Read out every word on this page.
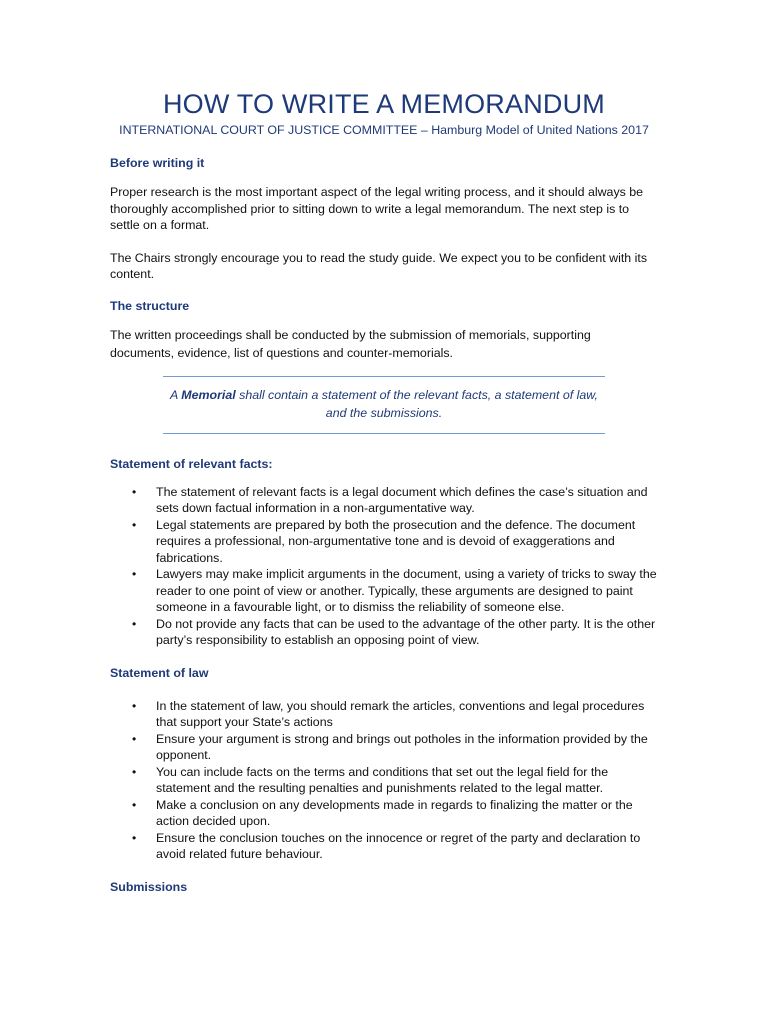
HOW TO WRITE A MEMORANDUM

INTERNATIONAL COURT OF JUSTICE COMMITTEE – Hamburg Model of United Nations 2017

Before writing it

Proper research is the most important aspect of the legal writing process, and it should always be thoroughly accomplished prior to sitting down to write a legal memorandum. The next step is to settle on a format.

The Chairs strongly encourage you to read the study guide. We expect you to be confident with its content.

The structure

The written proceedings shall be conducted by the submission of memorials, supporting documents, evidence, list of questions and counter-memorials.

A Memorial shall contain a statement of the relevant facts, a statement of law, and the submissions.
Statement of relevant facts:
• The statement of relevant facts is a legal document which defines the case’s situation and sets down factual information in a non-argumentative way.
• Legal statements are prepared by both the prosecution and the defence. The document requires a professional, non-argumentative tone and is devoid of exaggerations and fabrications.
• Lawyers may make implicit arguments in the document, using a variety of tricks to sway the reader to one point of view or another. Typically, these arguments are designed to paint someone in a favourable light, or to dismiss the reliability of someone else.
• Do not provide any facts that can be used to the advantage of the other party. It is the other party’s responsibility to establish an opposing point of view.
Statement of law
• In the statement of law, you should remark the articles, conventions and legal procedures that support your State’s actions
• Ensure your argument is strong and brings out potholes in the information provided by the opponent.
• You can include facts on the terms and conditions that set out the legal field for the statement and the resulting penalties and punishments related to the legal matter.
• Make a conclusion on any developments made in regards to finalizing the matter or the action decided upon.
• Ensure the conclusion touches on the innocence or regret of the party and declaration to avoid related future behaviour.
Submissions
